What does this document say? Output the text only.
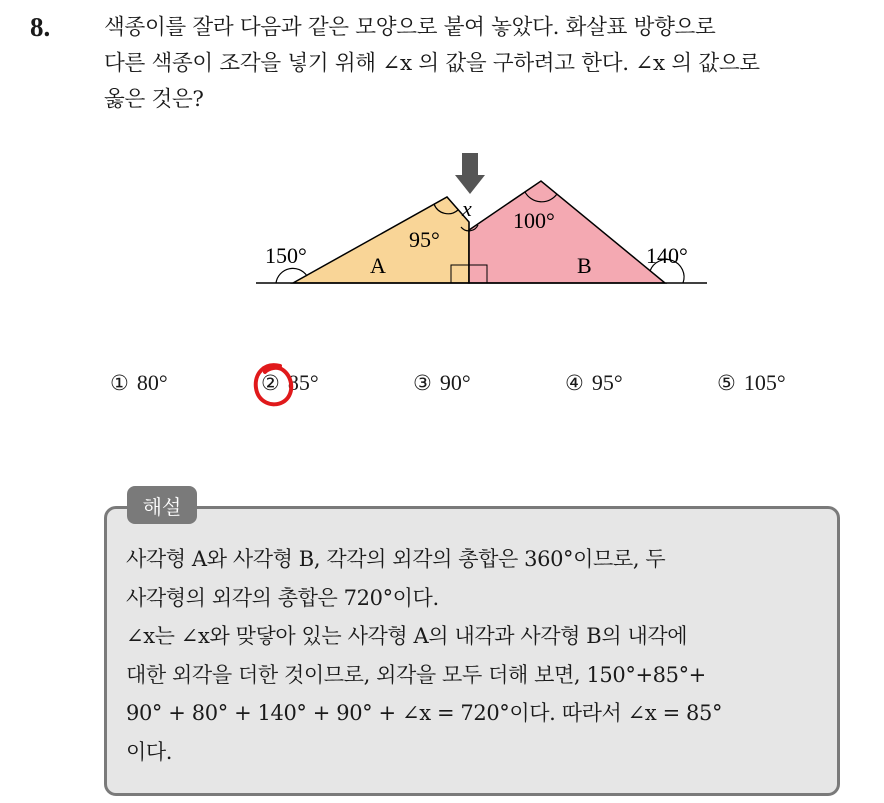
8.	색종이를 잘라 다음과 같은 모양으로 붙여 놓았다. 화살표 방향으로
다른 색종이 조각을 넣기 위해 ∠x 의 값을 구하려고 한다. ∠x 의 값으로
옳은 것은?
150°
95°
A
x 100°
B 140°
① 80°	② 85°	③ 90°	④ 95°	⑤ 105°
해설
사각형 A와 사각형 B, 각각의 외각의 총합은 360°이므로, 두
사각형의 외각의 총합은 720°이다.
∠x는 ∠x와 맞닿아 있는 사각형 A의 내각과 사각형 B의 내각에
대한 외각을 더한 것이므로, 외각을 모두 더해 보면, 150°+85°+
90° + 80° + 140° + 90° + ∠x = 720°이다. 따라서 ∠x = 85°
이다.
